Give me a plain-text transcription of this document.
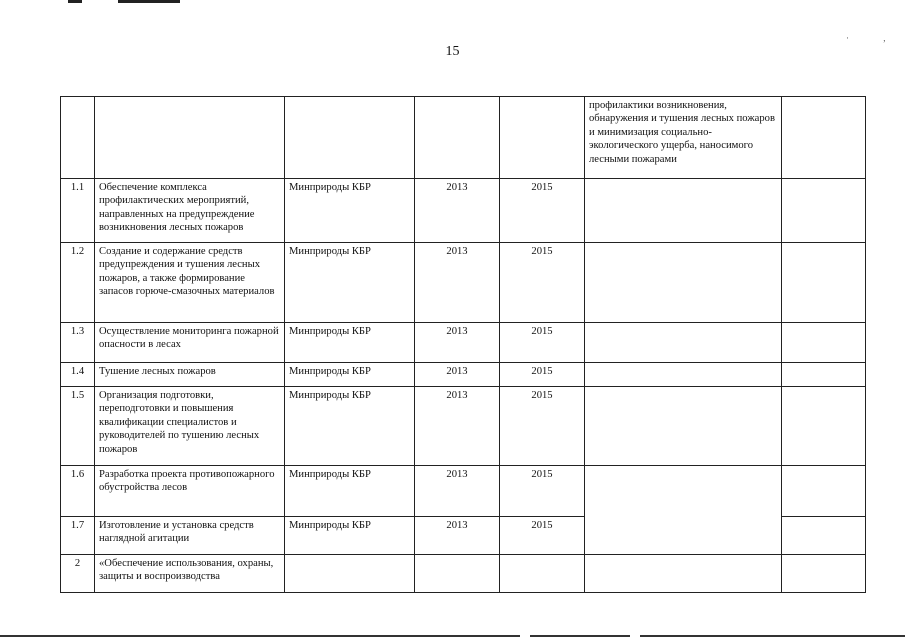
15
· ,

					профилактики возникновения, обнаружения и тушения лесных пожаров и минимизация социально-экологического ущерба, наносимого лесными пожарами	

1.1	Обеспечение комплекса профилактических мероприятий, направленных на предупреждение возникновения лесных пожаров	Минприроды КБР	2013	2015		
1.2	Создание и содержание средств предупреждения и тушения лесных пожаров, а также формирование запасов горюче-смазочных материалов	Минприроды КБР	2013	2015		
1.3	Осуществление мониторинга пожарной опасности в лесах	Минприроды КБР	2013	2015		
1.4	Тушение лесных пожаров	Минприроды КБР	2013	2015		
1.5	Организация подготовки, переподготовки и повышения квалификации специалистов и руководителей по тушению лесных пожаров	Минприроды КБР	2013	2015		
1.6	Разработка проекта противопожарного обустройства лесов	Минприроды КБР	2013	2015		
1.7	Изготовление и установка средств наглядной агитации	Минприроды КБР	2013	2015		
2	«Обеспечение использования, охраны, защиты и воспроизводства					
